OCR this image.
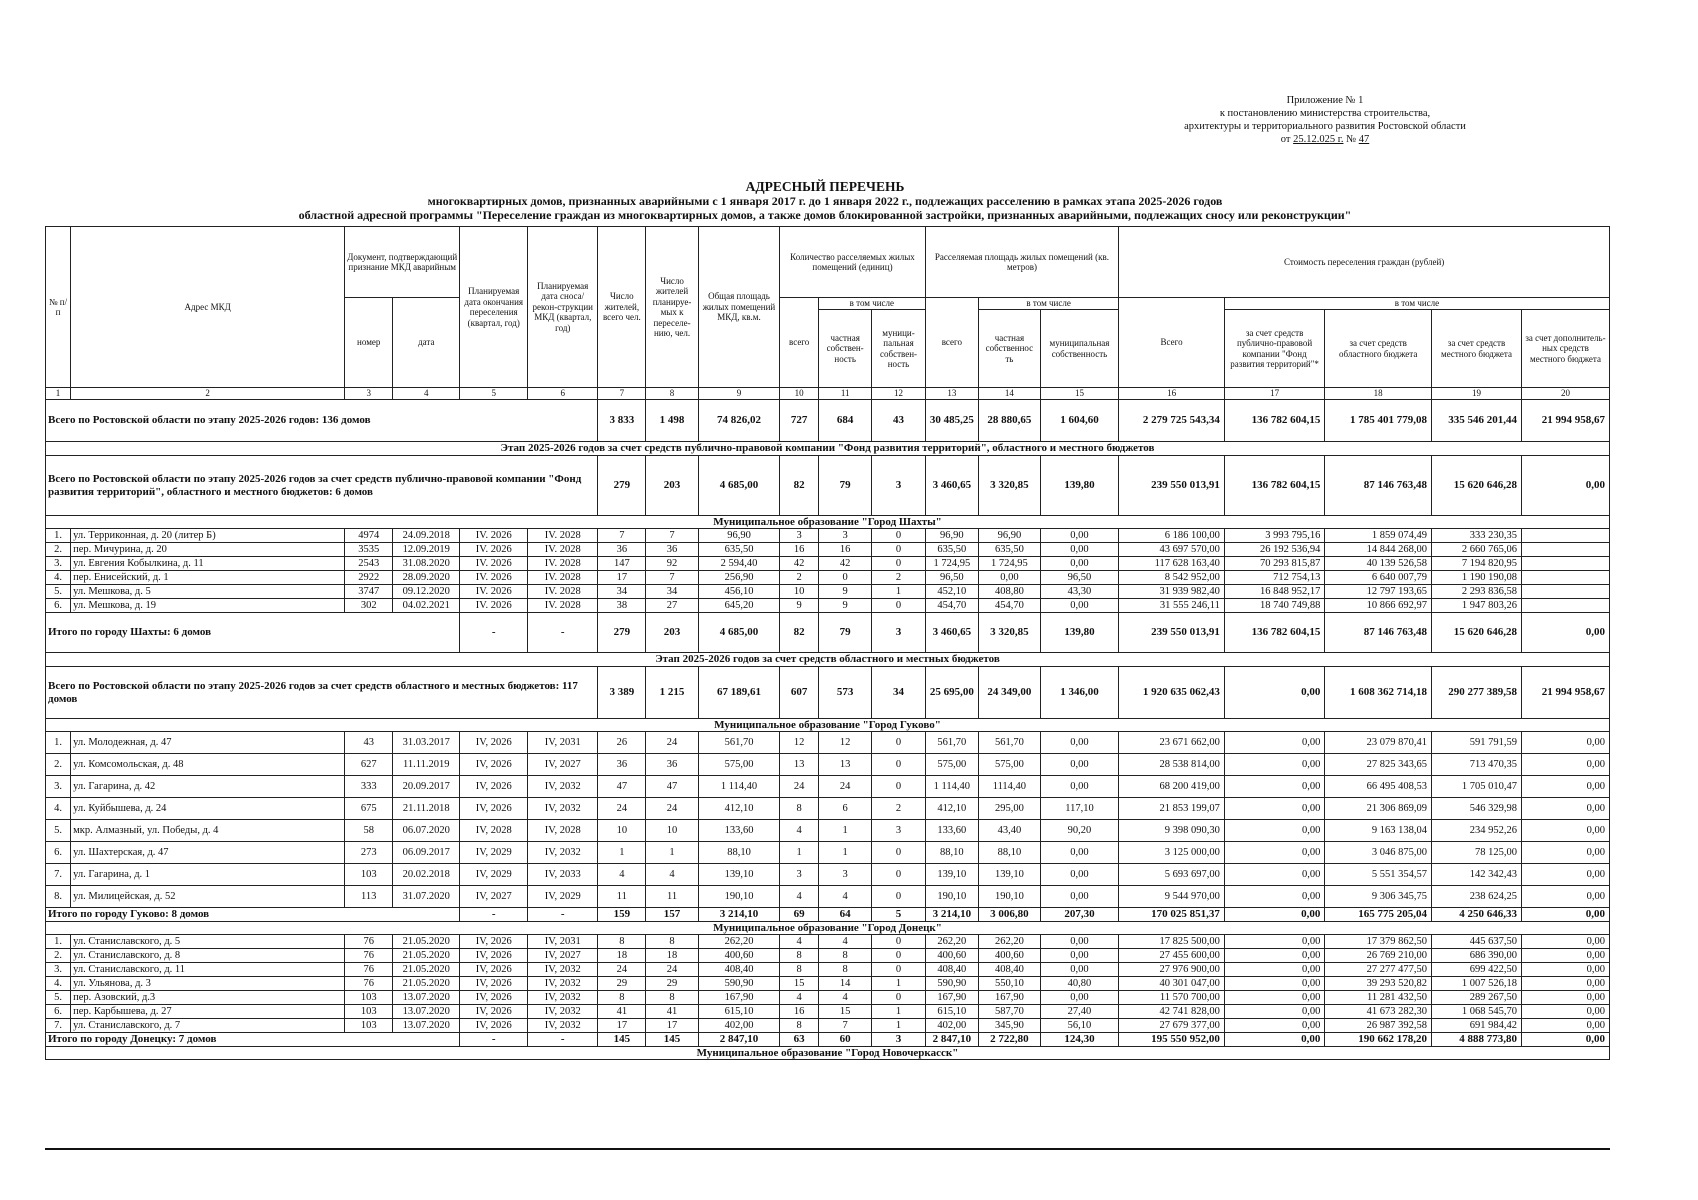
Приложение № 1
к постановлению министерства строительства,
архитектуры и территориального развития Ростовской области
от 25.12.025 г. № 47
АДРЕСНЫЙ ПЕРЕЧЕНЬ
многоквартирных домов, признанных аварийными с 1 января 2017 г. до 1 января 2022 г., подлежащих расселению в рамках этапа 2025-2026 годов
областной адресной программы "Переселение граждан из многоквартирных домов, а также домов блокированной застройки, признанных аварийными, подлежащих сносу или реконструкции"
№ п/п	Адрес МКД	Документ, подтверждающий признание МКД аварийным		Планируемая дата окончания переселения (квартал, год)	Планируемая дата сноса/рекон-струкции МКД (квартал, год)	Число жителей, всего чел.	Число жителей планируе-мых к переселе-нию, чел.	Общая площадь жилых помещений МКД, кв.м.	Количество расселяемых жилых помещений (единиц)			Расселяемая площадь жилых помещений (кв. метров)			Стоимость переселения граждан (рублей)				
		номер	дата						всего	в том числе		всего	в том числе		Всего	в том числе			
										частная собствен-ность	муници-пальная собствен-ность		частная собственнос ть	муниципальная собственность		за счет средств публично-правовой компании "Фонд развития территорий"*	за счет средств областного бюджета	за счет средств местного бюджета	за счет дополнитель-ных средств местного бюджета
1	2	3	4	5	6	7	8	9	10	11	12	13	14	15	16	17	18	19	20
Всего по Ростовской области по этапу 2025-2026 годов: 136 домов						3 833	1 498	74 826,02	727	684	43	30 485,25	28 880,65	1 604,60	2 279 725 543,34	136 782 604,15	1 785 401 779,08	335 546 201,44	21 994 958,67
Этап 2025-2026 годов за счет средств публично-правовой компании "Фонд развития территорий", областного и местного бюджетов																			
Всего по Ростовской области по этапу 2025-2026 годов за счет средств публично-правовой компании "Фонд развития территорий", областного и местного бюджетов: 6 домов						279	203	4 685,00	82	79	3	3 460,65	3 320,85	139,80	239 550 013,91	136 782 604,15	87 146 763,48	15 620 646,28	0,00
Муниципальное образование "Город Шахты"																			
1.	ул. Терриконная, д. 20 (литер Б)	4974	24.09.2018	IV. 2026	IV. 2028	7	7	96,90	3	3	0	96,90	96,90	0,00	6 186 100,00	3 993 795,16	1 859 074,49	333 230,35	
2.	пер. Мичурина, д. 20	3535	12.09.2019	IV. 2026	IV. 2028	36	36	635,50	16	16	0	635,50	635,50	0,00	43 697 570,00	26 192 536,94	14 844 268,00	2 660 765,06	
3.	ул. Евгения Кобылкина, д. 11	2543	31.08.2020	IV. 2026	IV. 2028	147	92	2 594,40	42	42	0	1 724,95	1 724,95	0,00	117 628 163,40	70 293 815,87	40 139 526,58	7 194 820,95	
4.	пер. Енисейский, д. 1	2922	28.09.2020	IV. 2026	IV. 2028	17	7	256,90	2	0	2	96,50	0,00	96,50	8 542 952,00	712 754,13	6 640 007,79	1 190 190,08	
5.	ул. Мешкова, д. 5	3747	09.12.2020	IV. 2026	IV. 2028	34	34	456,10	10	9	1	452,10	408,80	43,30	31 939 982,40	16 848 952,17	12 797 193,65	2 293 836,58	
6.	ул. Мешкова, д. 19	302	04.02.2021	IV. 2026	IV. 2028	38	27	645,20	9	9	0	454,70	454,70	0,00	31 555 246,11	18 740 749,88	10 866 692,97	1 947 803,26	
Итого по городу Шахты: 6 домов				-	-	279	203	4 685,00	82	79	3	3 460,65	3 320,85	139,80	239 550 013,91	136 782 604,15	87 146 763,48	15 620 646,28	0,00
Этап 2025-2026 годов за счет средств областного и местных бюджетов																			
Всего по Ростовской области по этапу 2025-2026 годов за счет средств областного и местных бюджетов: 117 домов						3 389	1 215	67 189,61	607	573	34	25 695,00	24 349,00	1 346,00	1 920 635 062,43	0,00	1 608 362 714,18	290 277 389,58	21 994 958,67
Муниципальное образование "Город Гуково"																			
1.	ул. Молодежная, д. 47	43	31.03.2017	IV, 2026	IV, 2031	26	24	561,70	12	12	0	561,70	561,70	0,00	23 671 662,00	0,00	23 079 870,41	591 791,59	0,00
2.	ул. Комсомольская, д. 48	627	11.11.2019	IV, 2026	IV, 2027	36	36	575,00	13	13	0	575,00	575,00	0,00	28 538 814,00	0,00	27 825 343,65	713 470,35	0,00
3.	ул. Гагарина, д. 42	333	20.09.2017	IV, 2026	IV, 2032	47	47	1 114,40	24	24	0	1 114,40	1114,40	0,00	68 200 419,00	0,00	66 495 408,53	1 705 010,47	0,00
4.	ул. Куйбышева, д. 24	675	21.11.2018	IV, 2026	IV, 2032	24	24	412,10	8	6	2	412,10	295,00	117,10	21 853 199,07	0,00	21 306 869,09	546 329,98	0,00
5.	мкр. Алмазный, ул. Победы, д. 4	58	06.07.2020	IV, 2028	IV, 2028	10	10	133,60	4	1	3	133,60	43,40	90,20	9 398 090,30	0,00	9 163 138,04	234 952,26	0,00
6.	ул. Шахтерская, д. 47	273	06.09.2017	IV, 2029	IV, 2032	1	1	88,10	1	1	0	88,10	88,10	0,00	3 125 000,00	0,00	3 046 875,00	78 125,00	0,00
7.	ул. Гагарина, д. 1	103	20.02.2018	IV, 2029	IV, 2033	4	4	139,10	3	3	0	139,10	139,10	0,00	5 693 697,00	0,00	5 551 354,57	142 342,43	0,00
8.	ул. Милицейская, д. 52	113	31.07.2020	IV, 2027	IV, 2029	11	11	190,10	4	4	0	190,10	190,10	0,00	9 544 970,00	0,00	9 306 345,75	238 624,25	0,00
Итого по городу Гуково: 8 домов				-	-	159	157	3 214,10	69	64	5	3 214,10	3 006,80	207,30	170 025 851,37	0,00	165 775 205,04	4 250 646,33	0,00
Муниципальное образование "Город Донецк"																			
1.	ул. Станиславского, д. 5	76	21.05.2020	IV, 2026	IV, 2031	8	8	262,20	4	4	0	262,20	262,20	0,00	17 825 500,00	0,00	17 379 862,50	445 637,50	0,00
2.	ул. Станиславского, д. 8	76	21.05.2020	IV, 2026	IV, 2027	18	18	400,60	8	8	0	400,60	400,60	0,00	27 455 600,00	0,00	26 769 210,00	686 390,00	0,00
3.	ул. Станиславского, д. 11	76	21.05.2020	IV, 2026	IV, 2032	24	24	408,40	8	8	0	408,40	408,40	0,00	27 976 900,00	0,00	27 277 477,50	699 422,50	0,00
4.	ул. Ульянова, д. 3	76	21.05.2020	IV, 2026	IV, 2032	29	29	590,90	15	14	1	590,90	550,10	40,80	40 301 047,00	0,00	39 293 520,82	1 007 526,18	0,00
5.	пер. Азовский, д.3	103	13.07.2020	IV, 2026	IV, 2032	8	8	167,90	4	4	0	167,90	167,90	0,00	11 570 700,00	0,00	11 281 432,50	289 267,50	0,00
6.	пер. Карбышева, д. 27	103	13.07.2020	IV, 2026	IV, 2032	41	41	615,10	16	15	1	615,10	587,70	27,40	42 741 828,00	0,00	41 673 282,30	1 068 545,70	0,00
7.	ул. Станиславского, д. 7	103	13.07.2020	IV, 2026	IV, 2032	17	17	402,00	8	7	1	402,00	345,90	56,10	27 679 377,00	0,00	26 987 392,58	691 984,42	0,00
Итого по городу Донецку: 7 домов				-	-	145	145	2 847,10	63	60	3	2 847,10	2 722,80	124,30	195 550 952,00	0,00	190 662 178,20	4 888 773,80	0,00
Муниципальное образование "Город Новочеркасск"																			
